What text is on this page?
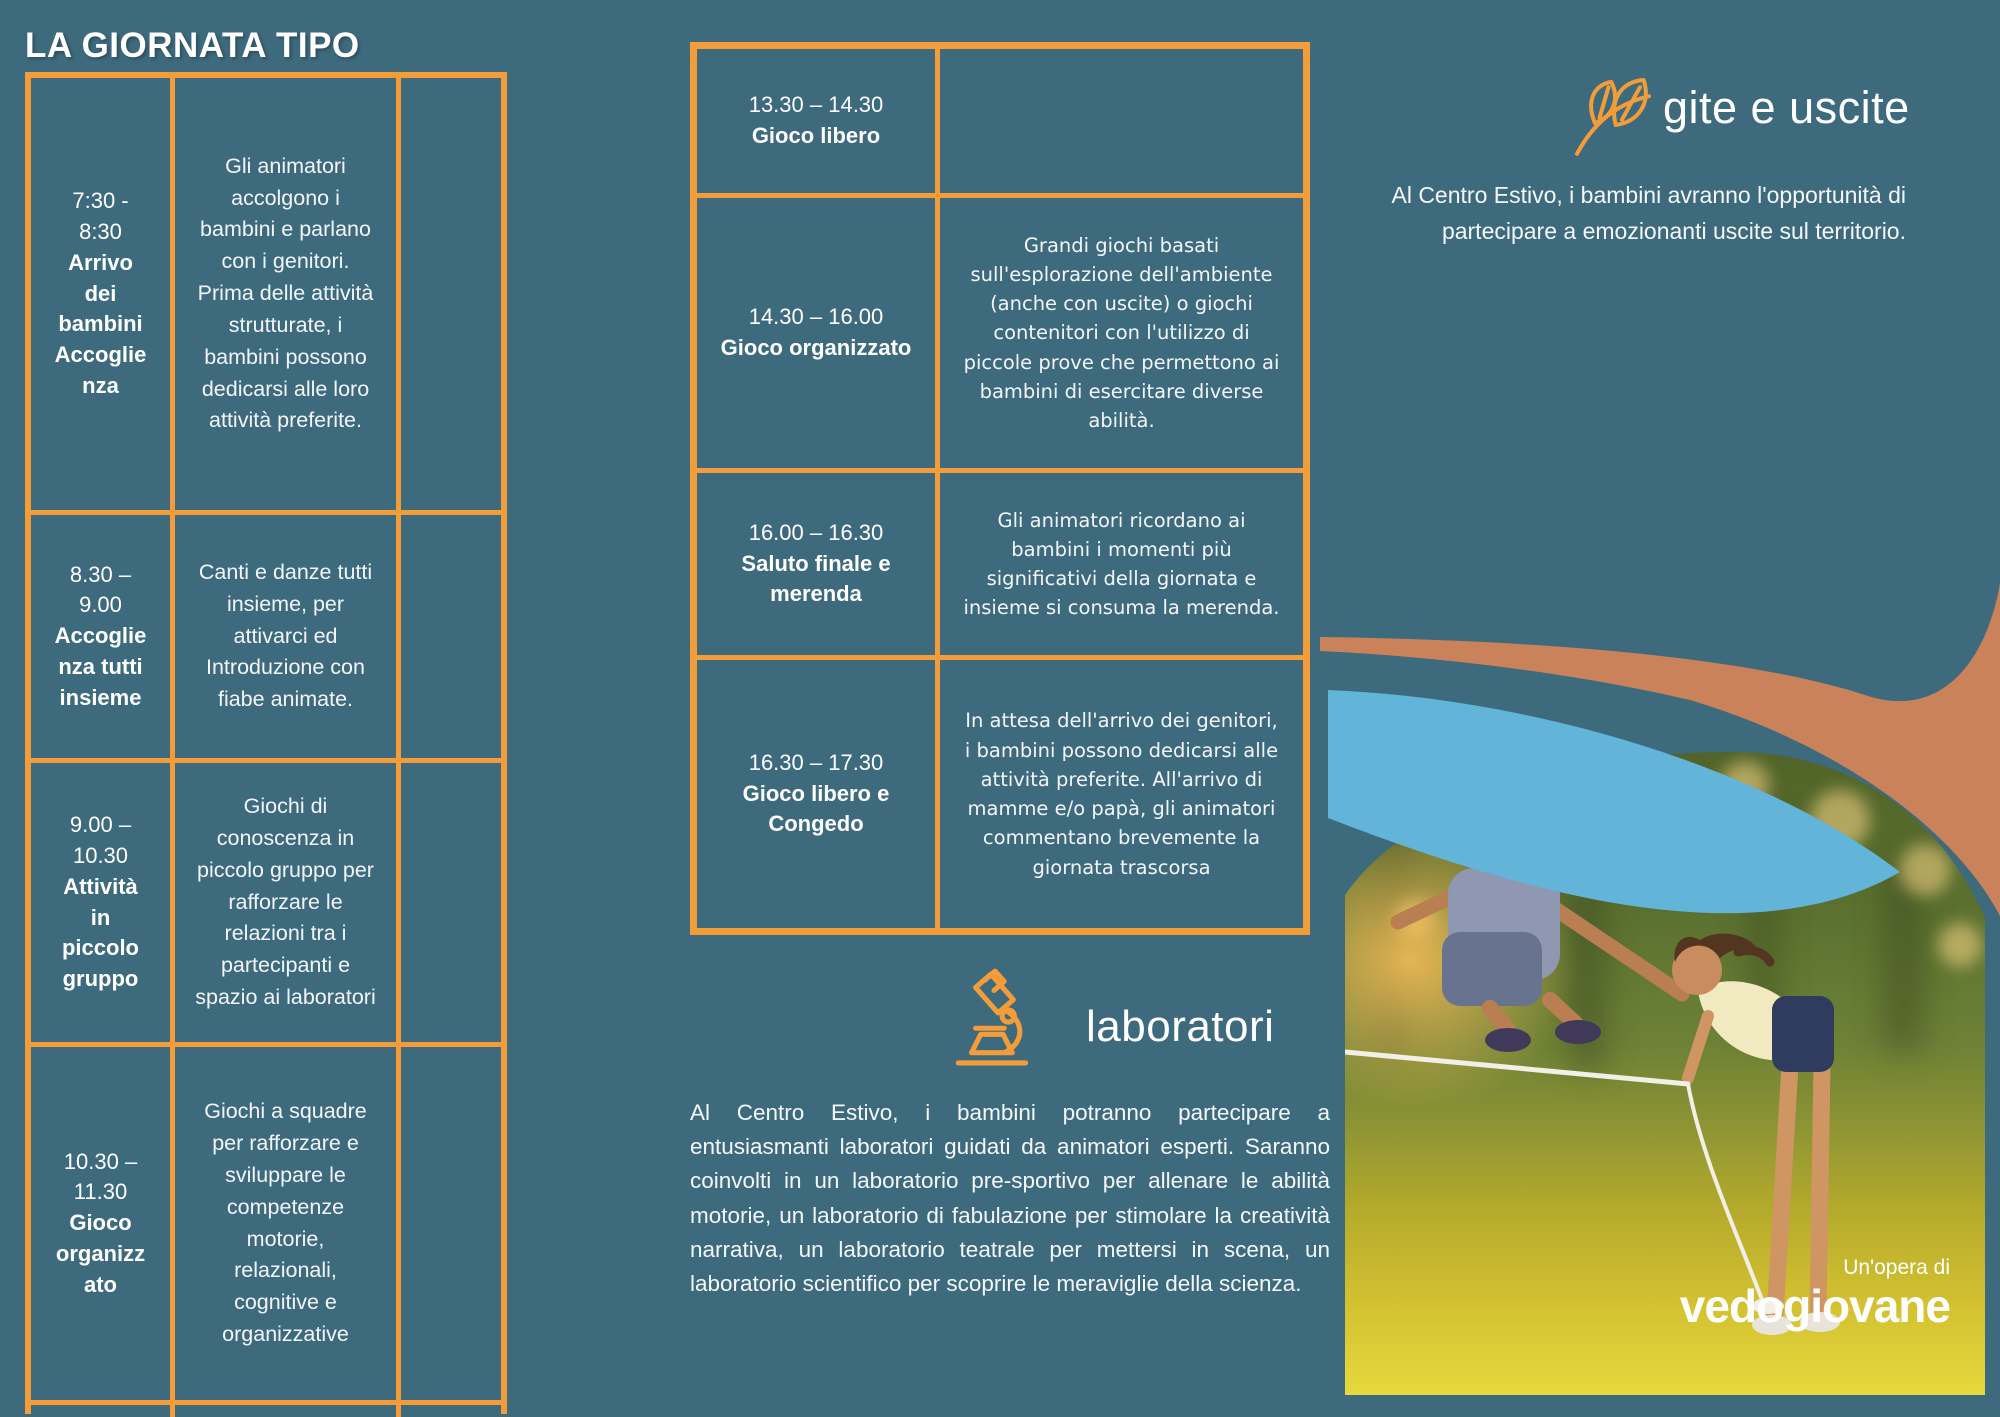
LA GIORNATA TIPO
7:30 - 8:30
Arrivo dei bambini Accoglienza
Gli animatori accolgono i bambini e parlano con i genitori. Prima delle attività strutturate, i bambini possono dedicarsi alle loro attività preferite.
8.30 – 9.00
Accoglienza tutti insieme
Canti e danze tutti insieme, per attivarci ed Introduzione con fiabe animate.
9.00 – 10.30
Attività in piccolo gruppo
Giochi di conoscenza in piccolo gruppo per rafforzare le relazioni tra i partecipanti e spazio ai laboratori
10.30 – 11.30
Gioco organizzato
Giochi a squadre per rafforzare e sviluppare le competenze motorie, relazionali, cognitive e organizzative
13.30 – 14.30
Gioco libero
14.30 – 16.00
Gioco organizzato
Grandi giochi basati sull'esplorazione dell'ambiente (anche con uscite) o giochi contenitori con l'utilizzo di piccole prove che permettono ai bambini di esercitare diverse abilità.
16.00 – 16.30
Saluto finale e merenda
Gli animatori ricordano ai bambini i momenti più significativi della giornata e insieme si consuma la merenda.
16.30 – 17.30
Gioco libero e Congedo
In attesa dell'arrivo dei genitori, i bambini possono dedicarsi alle attività preferite. All'arrivo di mamme e/o papà, gli animatori commentano brevemente la giornata trascorsa
laboratori
Al Centro Estivo, i bambini potranno partecipare a entusiasmanti laboratori guidati da animatori esperti. Saranno coinvolti in un laboratorio pre-sportivo per allenare le abilità motorie, un laboratorio di fabulazione per stimolare la creatività narrativa, un laboratorio teatrale per mettersi in scena, un laboratorio scientifico per scoprire le meraviglie della scienza.
gite e uscite
Al Centro Estivo, i bambini avranno l'opportunità di partecipare a emozionanti uscite sul territorio.
Un'opera di
vedogiovane
